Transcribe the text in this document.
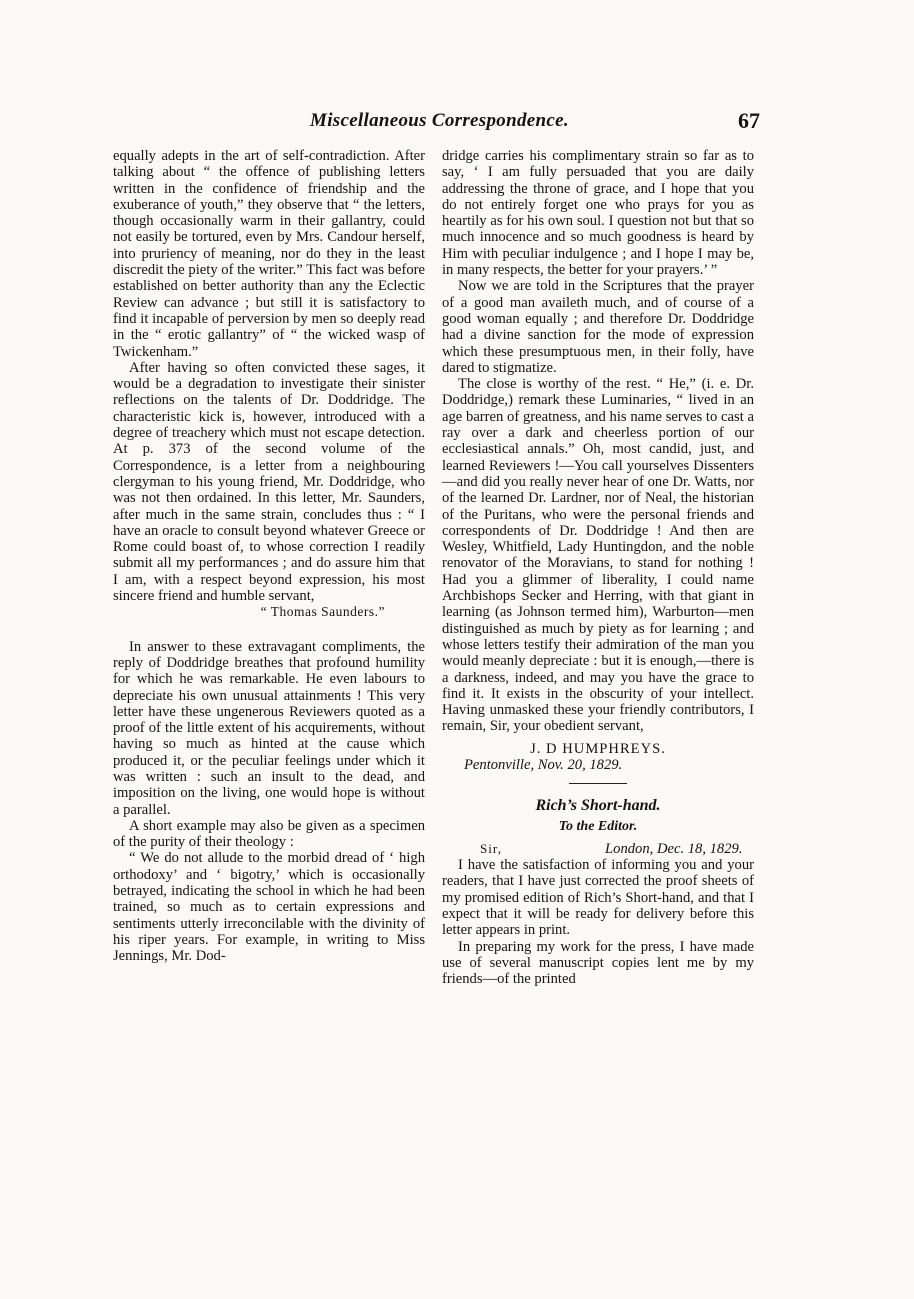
Miscellaneous Correspondence.	67

equally adepts in the art of self-contradiction. After talking about “ the offence of publishing letters written in the confidence of friendship and the exuberance of youth,” they observe that “ the letters, though occasionally warm in their gallantry, could not easily be tortured, even by Mrs. Candour herself, into pruriency of meaning, nor do they in the least discredit the piety of the writer.” This fact was before established on better authority than any the Eclectic Review can advance ; but still it is satisfactory to find it incapable of perversion by men so deeply read in the “ erotic gallantry” of “ the wicked wasp of Twickenham.”

After having so often convicted these sages, it would be a degradation to investigate their sinister reflections on the talents of Dr. Doddridge. The characteristic kick is, however, introduced with a degree of treachery which must not escape detection. At p. 373 of the second volume of the Correspondence, is a letter from a neighbouring clergyman to his young friend, Mr. Doddridge, who was not then ordained. In this letter, Mr. Saunders, after much in the same strain, concludes thus : “ I have an oracle to consult beyond whatever Greece or Rome could boast of, to whose correction I readily submit all my performances ; and do assure him that I am, with a respect beyond expression, his most sincere friend and humble servant,

“ Thomas Saunders.”

In answer to these extravagant compliments, the reply of Doddridge breathes that profound humility for which he was remarkable. He even labours to depreciate his own unusual attainments ! This very letter have these ungenerous Reviewers quoted as a proof of the little extent of his acquirements, without having so much as hinted at the cause which produced it, or the peculiar feelings under which it was written : such an insult to the dead, and imposition on the living, one would hope is without a parallel.

A short example may also be given as a specimen of the purity of their theology :

“ We do not allude to the morbid dread of ‘ high orthodoxy’ and ‘ bigotry,’ which is occasionally betrayed, indicating the school in which he had been trained, so much as to certain expressions and sentiments utterly irreconcilable with the divinity of his riper years. For example, in writing to Miss Jennings, Mr. Dod-

dridge carries his complimentary strain so far as to say, ‘ I am fully persuaded that you are daily addressing the throne of grace, and I hope that you do not entirely forget one who prays for you as heartily as for his own soul. I question not but that so much innocence and so much goodness is heard by Him with peculiar indulgence ; and I hope I may be, in many respects, the better for your prayers.’ ”

Now we are told in the Scriptures that the prayer of a good man availeth much, and of course of a good woman equally ; and therefore Dr. Doddridge had a divine sanction for the mode of expression which these presumptuous men, in their folly, have dared to stigmatize.

The close is worthy of the rest. “ He,” (i. e. Dr. Doddridge,) remark these Luminaries, “ lived in an age barren of greatness, and his name serves to cast a ray over a dark and cheerless portion of our ecclesiastical annals.” Oh, most candid, just, and learned Reviewers !—You call yourselves Dissenters—and did you really never hear of one Dr. Watts, nor of the learned Dr. Lardner, nor of Neal, the historian of the Puritans, who were the personal friends and correspondents of Dr. Doddridge ! And then are Wesley, Whitfield, Lady Huntingdon, and the noble renovator of the Moravians, to stand for nothing ! Had you a glimmer of liberality, I could name Archbishops Secker and Herring, with that giant in learning (as Johnson termed him), Warburton—men distinguished as much by piety as for learning ; and whose letters testify their admiration of the man you would meanly depreciate : but it is enough,—there is a darkness, indeed, and may you have the grace to find it. It exists in the obscurity of your intellect. Having unmasked these your friendly contributors, I remain, Sir, your obedient servant,

J. D HUMPHREYS.
Pentonville, Nov. 20, 1829.
Rich’s Short-hand.
To the Editor.

Sir,	London, Dec. 18, 1829.

I have the satisfaction of informing you and your readers, that I have just corrected the proof sheets of my promised edition of Rich’s Short-hand, and that I expect that it will be ready for delivery before this letter appears in print.

In preparing my work for the press, I have made use of several manuscript copies lent me by my friends—of the printed
